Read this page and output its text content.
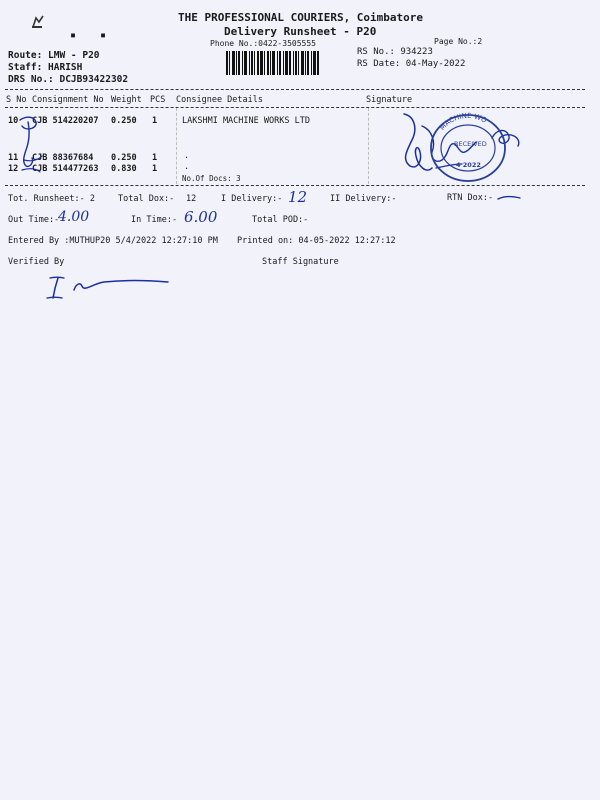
▪ ▪
THE PROFESSIONAL COURIERS, Coimbatore
Delivery Runsheet - P20
Phone No.:0422-3505555	Page No.:2
RS No.: 934223
RS Date: 04-May-2022
Route: LMW - P20
Staff: HARISH
DRS No.: DCJB93422302
S No Consignment No Weight PCS Consignee Details	Signature
10 CJB 514220207 0.250 1	LAKSHMI MACHINE WORKS LTD
11 CJB 88367684 0.250 1	.
12 CJB 514477263 0.830 1	.
No.Of Docs: 3
MACHINE WO
RECEIVED
4 2022
Tot. Runsheet:- 2	Total Dox:- 12	I Delivery:- 12	II Delivery:-	RTN Dox:-
Out Time:-
4.00	In Time:- 6.00	Total POD:-
Entered By :MUTHUP20 5/4/2022 12:27:10 PM Printed on: 04-05-2022 12:27:12
Verified By	Staff Signature
